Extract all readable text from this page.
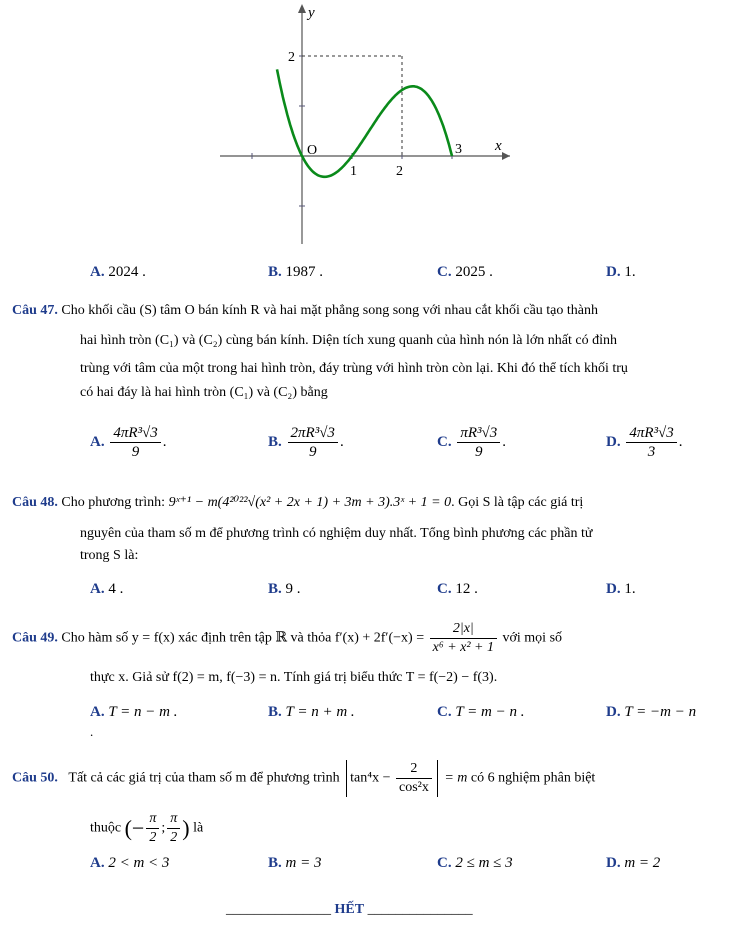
y
x
O
2
1	2
3
A. 2024 .	B. 1987 .	C. 2025 .	D. 1.
Câu 47. Cho khối cầu (S) tâm O bán kính R và hai mặt phẳng song song với nhau cắt khối cầu tạo thành
hai hình tròn (C₁) và (C₂) cùng bán kính. Diện tích xung quanh của hình nón là lớn nhất có đỉnh
trùng với tâm của một trong hai hình tròn, đáy trùng với hình tròn còn lại. Khi đó thể tích khối trụ
có hai đáy là hai hình tròn (C₁) và (C₂) bằng
A. $\frac{\text{4πR³√3}}{9}$ .	B. $\frac{\text{2πR³√3}}{9}$ .	C. $\frac{\text{πR³√3}}{9}$ .	D. $\frac{\text{4πR³√3}}{3}$ .
Câu 48. Cho phương trình: 9ˣ⁺¹ − m(4²⁰²²√(x² + 2x + 1) + 3m + 3).3ˣ + 1 = 0. Gọi S là tập các giá trị
nguyên của tham số m để phương trình có nghiệm duy nhất. Tổng bình phương các phần tử
trong S là:
A. 4 .	B. 9 .	C. 12 .	D. 1.
Câu 49. Cho hàm số y = f(x) xác định trên tập ℝ và thỏa $f'(x) + 2f'(-x) = \frac{2|x|}{\text{x⁶ + x² + 1}}$ với mọi số
thực x. Giả sử f(2) = m, f(−3) = n. Tính giá trị biểu thức T = f(−2) − f(3).
A. T = n − m .	B. T = n + m .	C. T = m − n .	D. T = −m − n
.
Câu 50. Tất cả các giá trị của tham số m để phương trình $\tan^4x - \frac{2}{\text{cos²x}} = m$ có 6 nghiệm phân biệt
thuộc (− $\frac{\pi}{2}$ ; $\frac{\pi}{2}$ ) là
A. 2 < m < 3	B. m = 3	C. 2 ≤ m ≤ 3	D. m = 2
_______________ HẾT _______________
